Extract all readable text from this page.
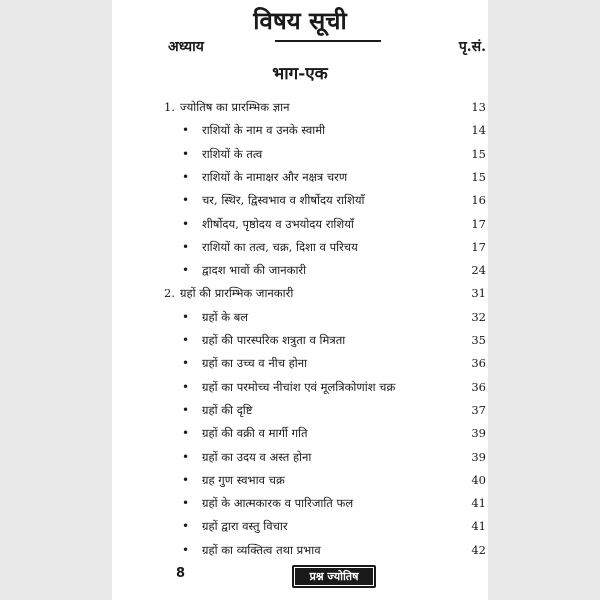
विषय सूची
अध्याय	पृ.सं.
भाग-एक
1. ज्योतिष का प्रारम्भिक ज्ञान	13
• राशियों के नाम व उनके स्वामी	14
• राशियों के तत्व	15
• राशियों के नामाक्षर और नक्षत्र चरण	15
• चर, स्थिर, द्विस्वभाव व शीर्षोदय राशियाँ	16
• शीर्षोदय, पृष्ठोदय व उभयोदय राशियाँ	17
• राशियों का तत्व, चक्र, दिशा व परिचय	17
• द्वादश भावों की जानकारी	24
2. ग्रहों की प्रारम्भिक जानकारी	31
• ग्रहों के बल	32
• ग्रहों की पारस्परिक शत्रुता व मित्रता	35
• ग्रहों का उच्च व नीच होना	36
• ग्रहों का परमोच्च नीचांश एवं मूलत्रिकोणांश चक्र	36
• ग्रहों की दृष्टि	37
• ग्रहों की वक्री व मार्गी गति	39
• ग्रहों का उदय व अस्त होना	39
• ग्रह गुण स्वभाव चक्र	40
• ग्रहों के आत्मकारक व पारिजाति फल	41
• ग्रहों द्वारा वस्तु विचार	41
• ग्रहों का व्यक्तित्व तथा प्रभाव	42
8	प्रश्न ज्योतिष
